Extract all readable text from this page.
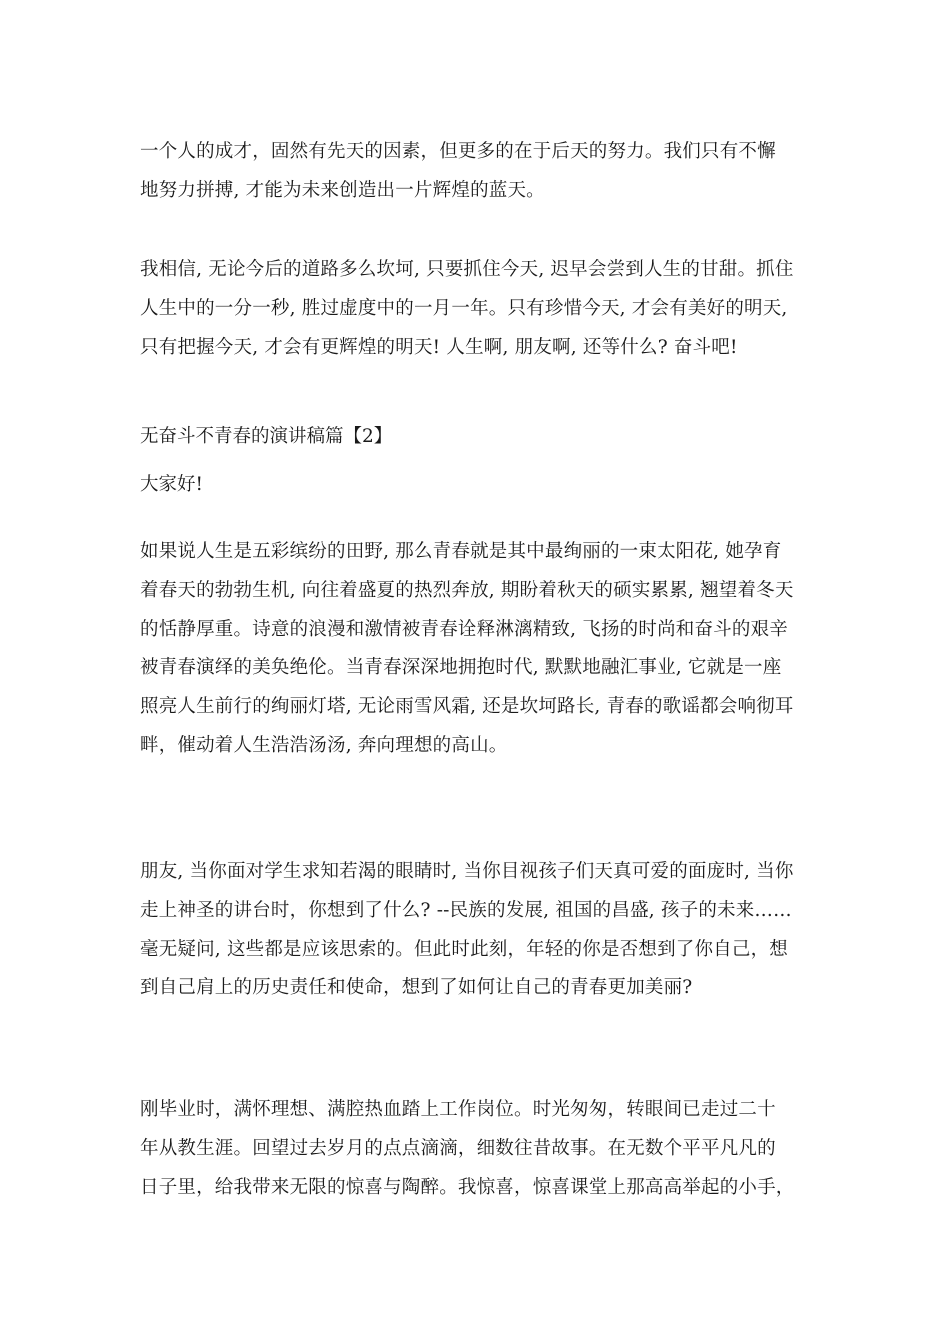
一个人的成才，固然有先天的因素，但更多的在于后天的努力。我们只有不懈
地努力拼搏, 才能为未来创造出一片辉煌的蓝天。
我相信, 无论今后的道路多么坎坷, 只要抓住今天, 迟早会尝到人生的甘甜。抓住
人生中的一分一秒, 胜过虚度中的一月一年。只有珍惜今天, 才会有美好的明天,
只有把握今天, 才会有更辉煌的明天! 人生啊, 朋友啊, 还等什么? 奋斗吧!
无奋斗不青春的演讲稿篇【2】
大家好!
如果说人生是五彩缤纷的田野, 那么青春就是其中最绚丽的一束太阳花, 她孕育
着春天的勃勃生机, 向往着盛夏的热烈奔放, 期盼着秋天的硕实累累, 翘望着冬天
的恬静厚重。诗意的浪漫和激情被青春诠释淋漓精致, 飞扬的时尚和奋斗的艰辛
被青春演绎的美奂绝伦。当青春深深地拥抱时代, 默默地融汇事业, 它就是一座
照亮人生前行的绚丽灯塔, 无论雨雪风霜, 还是坎坷路长, 青春的歌谣都会响彻耳
畔，催动着人生浩浩汤汤, 奔向理想的高山。
朋友, 当你面对学生求知若渴的眼睛时, 当你目视孩子们天真可爱的面庞时, 当你
走上神圣的讲台时，你想到了什么? --民族的发展, 祖国的昌盛, 孩子的未来……
毫无疑问, 这些都是应该思索的。但此时此刻，年轻的你是否想到了你自己，想
到自己肩上的历史责任和使命，想到了如何让自己的青春更加美丽?
刚毕业时，满怀理想、满腔热血踏上工作岗位。时光匆匆，转眼间已走过二十
年从教生涯。回望过去岁月的点点滴滴，细数往昔故事。在无数个平平凡凡的
日子里，给我带来无限的惊喜与陶醉。我惊喜，惊喜课堂上那高高举起的小手，
